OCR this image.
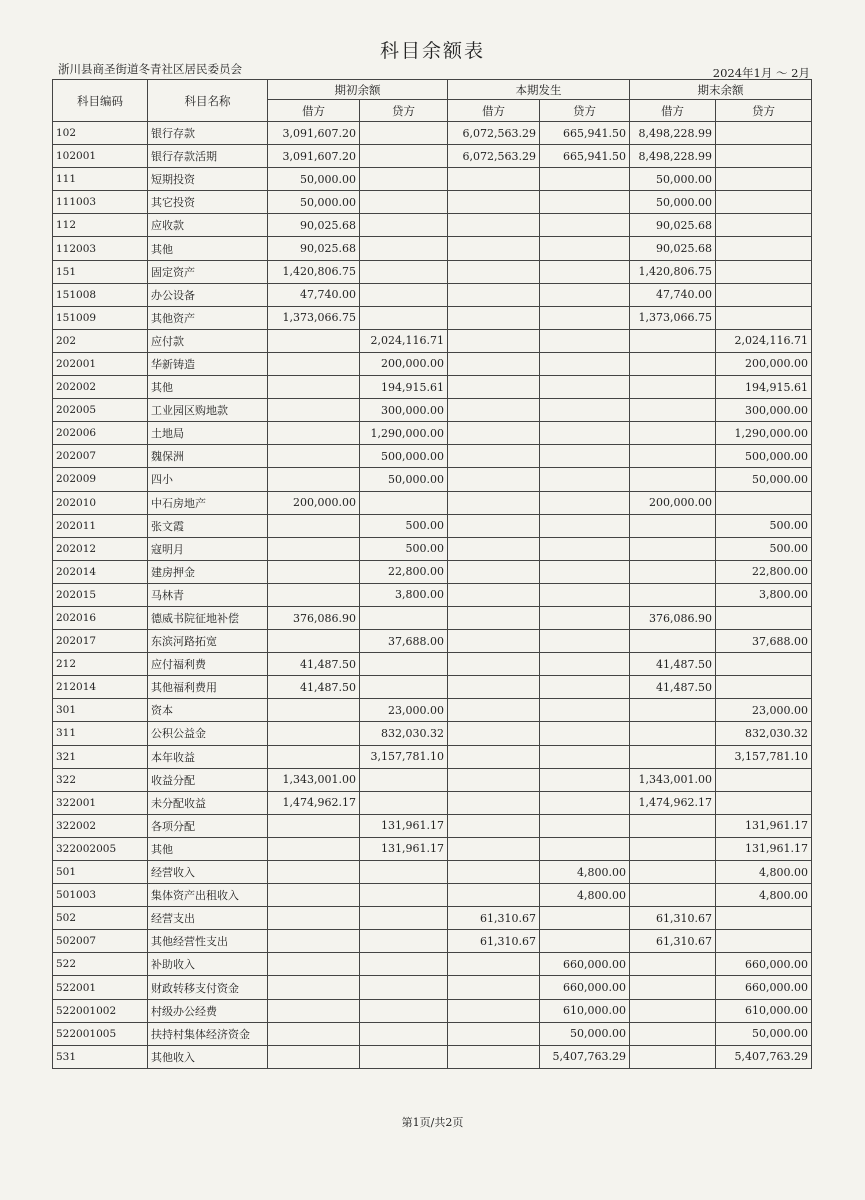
科目余额表
浙川县商圣街道冬青社区居民委员会	2024年1月 ～ 2月
科目编码	科目名称	期初余额		本期发生		期末余额	
		借方	贷方	借方	贷方	借方	贷方
102	银行存款	3,091,607.20		6,072,563.29	665,941.50	8,498,228.99	
102001	银行存款活期	3,091,607.20		6,072,563.29	665,941.50	8,498,228.99	
111	短期投资	50,000.00				50,000.00	
111003	其它投资	50,000.00				50,000.00	
112	应收款	90,025.68				90,025.68	
112003	其他	90,025.68				90,025.68	
151	固定资产	1,420,806.75				1,420,806.75	
151008	办公设备	47,740.00				47,740.00	
151009	其他资产	1,373,066.75				1,373,066.75	
202	应付款		2,024,116.71				2,024,116.71
202001	华新铸造		200,000.00				200,000.00
202002	其他		194,915.61				194,915.61
202005	工业园区购地款		300,000.00				300,000.00
202006	土地局		1,290,000.00				1,290,000.00
202007	魏保洲		500,000.00				500,000.00
202009	四小		50,000.00				50,000.00
202010	中石房地产	200,000.00				200,000.00	
202011	张文霞		500.00				500.00
202012	寇明月		500.00				500.00
202014	建房押金		22,800.00				22,800.00
202015	马林青		3,800.00				3,800.00
202016	德威书院征地补偿	376,086.90				376,086.90	
202017	东滨河路拓宽		37,688.00				37,688.00
212	应付福利费	41,487.50				41,487.50	
212014	其他福利费用	41,487.50				41,487.50	
301	资本		23,000.00				23,000.00
311	公积公益金		832,030.32				832,030.32
321	本年收益		3,157,781.10				3,157,781.10
322	收益分配	1,343,001.00				1,343,001.00	
322001	未分配收益	1,474,962.17				1,474,962.17	
322002	各项分配		131,961.17				131,961.17
322002005	其他		131,961.17				131,961.17
501	经营收入				4,800.00		4,800.00
501003	集体资产出租收入				4,800.00		4,800.00
502	经营支出			61,310.67		61,310.67	
502007	其他经营性支出			61,310.67		61,310.67	
522	补助收入				660,000.00		660,000.00
522001	财政转移支付资金				660,000.00		660,000.00
522001002	村级办公经费				610,000.00		610,000.00
522001005	扶持村集体经济资金				50,000.00		50,000.00
531	其他收入				5,407,763.29		5,407,763.29
第1页/共2页
